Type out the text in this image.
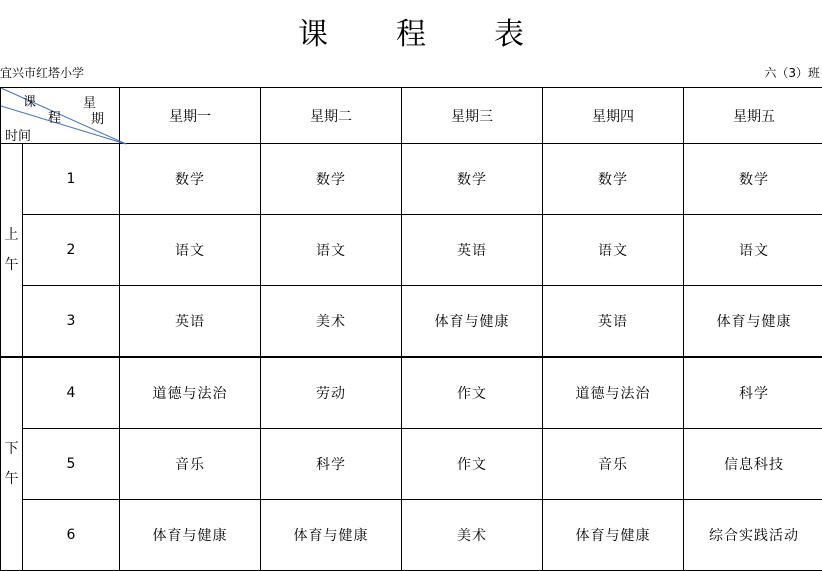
课 程 表
宜兴市红塔小学	六（3）班
课
程
星
期
时间		星期一	星期二	星期三	星期四	星期五

上
午	1	数学	数学	数学	数学	数学
	2	语文	语文	英语	语文	语文
	3	英语	美术	体育与健康	英语	体育与健康

下
午	4	道德与法治	劳动	作文	道德与法治	科学
	5	音乐	科学	作文	音乐	信息科技
	6	体育与健康	体育与健康	美术	体育与健康	综合实践活动
